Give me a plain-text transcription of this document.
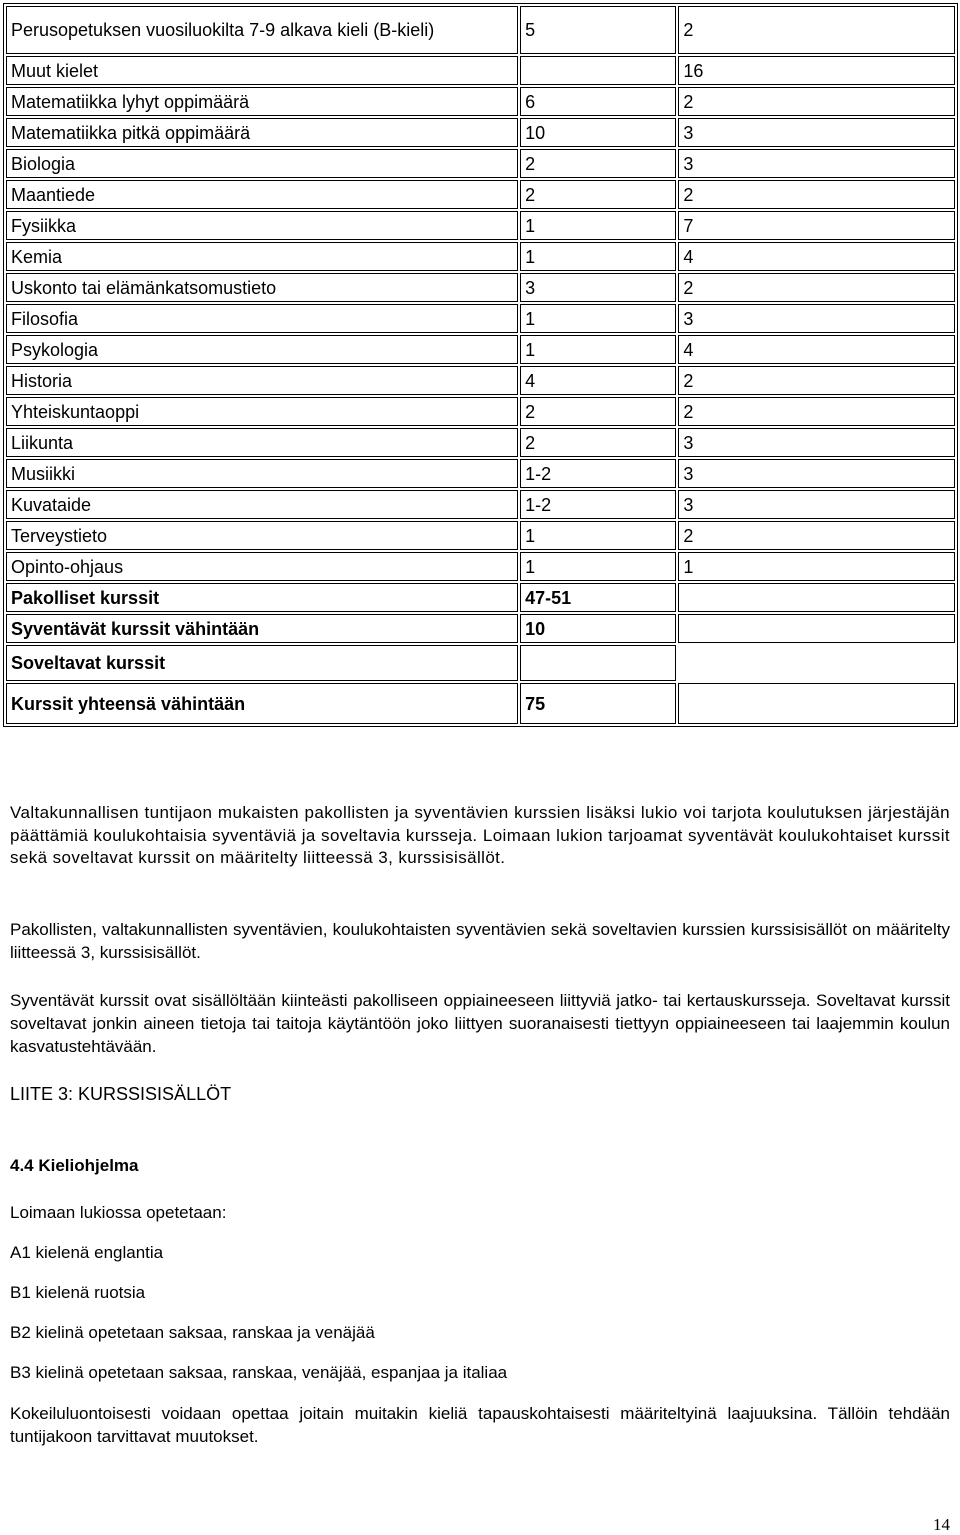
Perusopetuksen vuosiluokilta 7-9 alkava kieli (B-kieli)	5	2
Muut kielet		16
Matematiikka lyhyt oppimäärä	6	2
Matematiikka pitkä oppimäärä	10	3
Biologia	2	3
Maantiede	2	2
Fysiikka	1	7
Kemia	1	4
Uskonto tai elämänkatsomustieto	3	2
Filosofia	1	3
Psykologia	1	4
Historia	4	2
Yhteiskuntaoppi	2	2
Liikunta	2	3
Musiikki	1-2	3
Kuvataide	1-2	3
Terveystieto	1	2
Opinto-ohjaus	1	1
Pakolliset kurssit	47-51	
Syventävät kurssit vähintään	10	
Soveltavat kurssit		
Kurssit yhteensä vähintään	75	
Valtakunnallisen tuntijaon mukaisten pakollisten ja syventävien kurssien lisäksi lukio voi tarjota koulutuksen järjestäjän päättämiä koulukohtaisia syventäviä ja soveltavia kursseja. Loimaan lukion tarjoamat syventävät koulukohtaiset kurssit sekä soveltavat kurssit on määritelty liitteessä 3, kurssisisällöt.
Pakollisten, valtakunnallisten syventävien, koulukohtaisten syventävien sekä soveltavien kurssien kurssisisällöt on määritelty liitteessä 3, kurssisisällöt.
Syventävät kurssit ovat sisällöltään kiinteästi pakolliseen oppiaineeseen liittyviä jatko- tai kertauskursseja. Soveltavat kurssit soveltavat jonkin aineen tietoja tai taitoja käytäntöön joko liittyen suoranaisesti tiettyyn oppiaineeseen tai laajemmin koulun kasvatustehtävään.
LIITE 3: KURSSISISÄLLÖT
4.4 Kieliohjelma
Loimaan lukiossa opetetaan:
A1 kielenä englantia
B1 kielenä ruotsia
B2 kielinä opetetaan saksaa, ranskaa ja venäjää
B3 kielinä opetetaan saksaa, ranskaa, venäjää, espanjaa ja italiaa
Kokeiluluontoisesti voidaan opettaa joitain muitakin kieliä tapauskohtaisesti määriteltyinä laajuuksina. Tällöin tehdään tuntijakoon tarvittavat muutokset.
14
